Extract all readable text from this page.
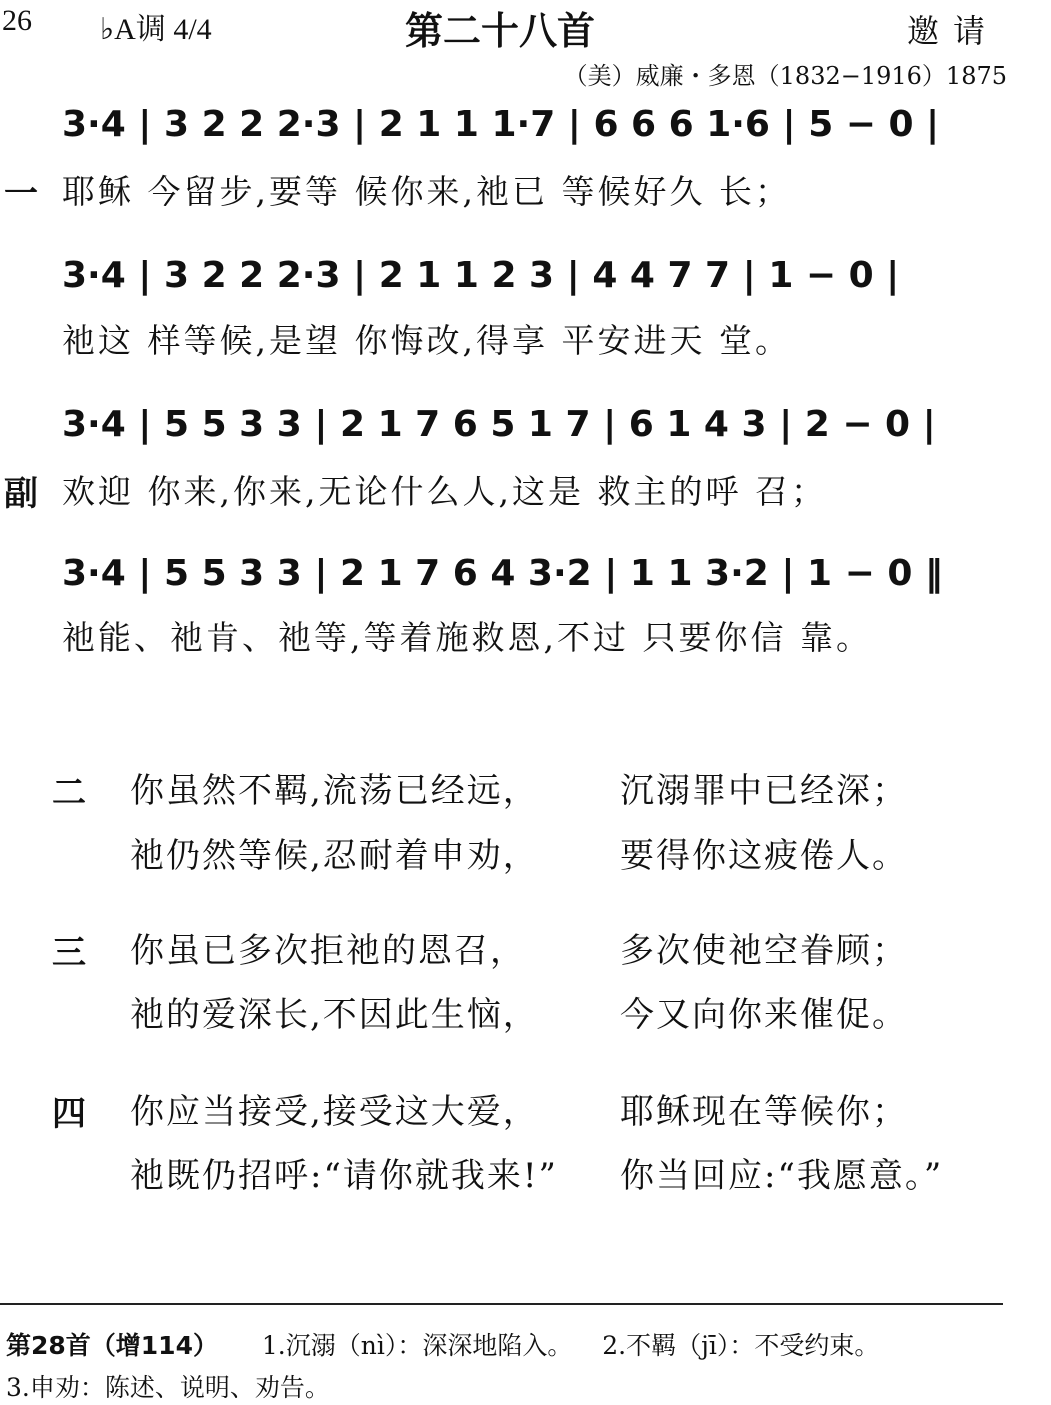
26 ♭A调 4/4	第二十八首	邀请
（美）威廉・多恩（1832−1916）1875
3·4 | 3 2 2 2·3 | 2 1 1 1·7 | 6 6 6 1·6 | 5 − 0 |
一 耶稣 今留步,要等 候你来,祂已 等候好久 长；
3·4 | 3 2 2 2·3 | 2 1 1 2 3 | 4 4 7 7 | 1 − 0 |
祂这 样等候,是望 你悔改,得享 平安进天 堂。
3·4 | 5 5 3 3 | 2 1 7 6 5 1 7 | 6 1 4 3 | 2 − 0 |
副 欢迎 你来,你来,无论什么人,这是 救主的呼 召；
3·4 | 5 5 3 3 | 2 1 7 6 4 3·2 | 1 1 3·2 | 1 − 0 ‖
祂能、祂肯、祂等,等着施救恩,不过 只要你信 靠。
二 你虽然不羁,流荡已经远， 沉溺罪中已经深；
祂仍然等候,忍耐着申劝， 要得你这疲倦人。
三 你虽已多次拒祂的恩召，	多次使祂空眷顾；
祂的爱深长,不因此生恼， 今又向你来催促。
四 你应当接受,接受这大爱， 耶稣现在等候你；
祂既仍招呼:“请你就我来!” 你当回应:“我愿意。”
第28首（增114） 1.沉溺（nì）：深深地陷入。 2.不羁（jī）：不受约束。
3.申劝：陈述、说明、劝告。
